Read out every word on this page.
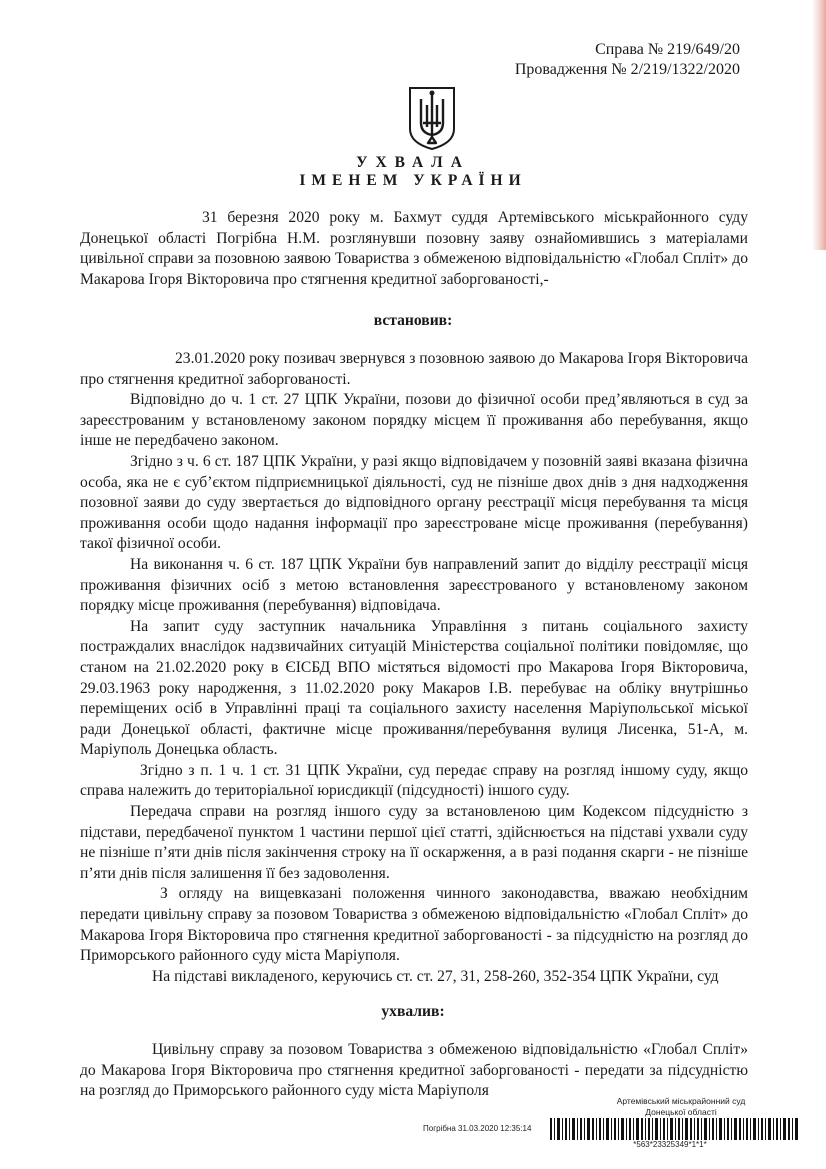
Справа № 219/649/20
Провадження № 2/219/1322/2020
УХВАЛА
ІМЕНЕМ УКРАЇНИ
31 березня 2020 року м. Бахмут суддя Артемівського міськрайонного суду Донецької області Погрібна Н.М. розглянувши позовну заяву ознайомившись з матеріалами цивільної справи за позовною заявою Товариства з обмеженою відповідальністю «Глобал Спліт» до Макарова Ігоря Вікторовича про стягнення кредитної заборгованості,-
встановив:

23.01.2020 року позивач звернувся з позовною заявою до Макарова Ігоря Вікторовича про стягнення кредитної заборгованості.

Відповідно до ч. 1 ст. 27 ЦПК України, позови до фізичної особи пред’являються в суд за зареєстрованим у встановленому законом порядку місцем її проживання або перебування, якщо інше не передбачено законом.

Згідно з ч. 6 ст. 187 ЦПК України, у разі якщо відповідачем у позовній заяві вказана фізична особа, яка не є суб’єктом підприємницької діяльності, суд не пізніше двох днів з дня надходження позовної заяви до суду звертається до відповідного органу реєстрації місця перебування та місця проживання особи щодо надання інформації про зареєстроване місце проживання (перебування) такої фізичної особи.

На виконання ч. 6 ст. 187 ЦПК України був направлений запит до відділу реєстрації місця проживання фізичних осіб з метою встановлення зареєстрованого у встановленому законом порядку місце проживання (перебування) відповідача.

На запит суду заступник начальника Управління з питань соціального захисту постраждалих внаслідок надзвичайних ситуацій Міністерства соціальної політики повідомляє, що станом на 21.02.2020 року в ЄІСБД ВПО містяться відомості про Макарова Ігоря Вікторовича, 29.03.1963 року народження, з 11.02.2020 року Макаров І.В. перебуває на обліку внутрішньо переміщених осіб в Управлінні праці та соціального захисту населення Маріупольської міської ради Донецької області, фактичне місце проживання/перебування вулиця Лисенка, 51-А, м. Маріуполь Донецька область.

Згідно з п. 1 ч. 1 ст. 31 ЦПК України, суд передає справу на розгляд іншому суду, якщо справа належить до територіальної юрисдикції (підсудності) іншого суду.

Передача справи на розгляд іншого суду за встановленою цим Кодексом підсудністю з підстави, передбаченої пунктом 1 частини першої цієї статті, здійснюється на підставі ухвали суду не пізніше п’яти днів після закінчення строку на її оскарження, а в разі подання скарги - не пізніше п’яти днів після залишення її без задоволення.

З огляду на вищевказані положення чинного законодавства, вважаю необхідним передати цивільну справу за позовом Товариства з обмеженою відповідальністю «Глобал Спліт» до Макарова Ігоря Вікторовича про стягнення кредитної заборгованості - за підсудністю на розгляд до Приморського районного суду міста Маріуполя.

На підставі викладеного, керуючись ст. ст. 27, 31, 258-260, 352-354 ЦПК України, суд

ухвалив:
Цивільну справу за позовом Товариства з обмеженою відповідальністю «Глобал Спліт» до Макарова Ігоря Вікторовича про стягнення кредитної заборгованості - передати за підсудністю на розгляд до Приморського районного суду міста Маріуполя
Погрібна 31.03.2020 12:35:14
Артемівський міськрайонний суд Донецької області
*563*23325349*1*1*
